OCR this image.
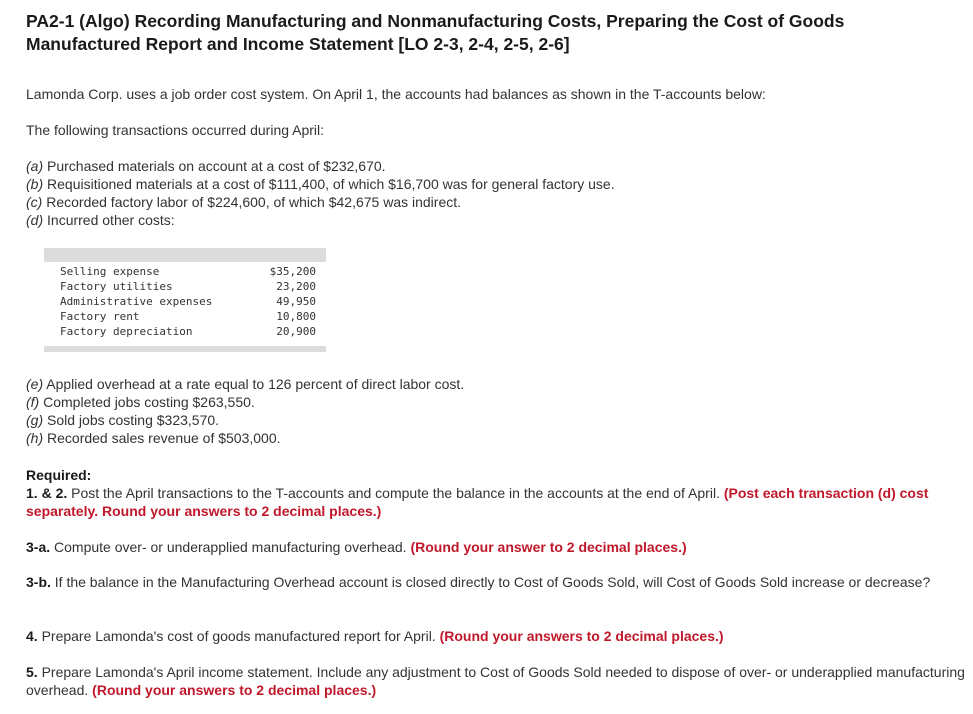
PA2-1 (Algo) Recording Manufacturing and Nonmanufacturing Costs, Preparing the Cost of Goods Manufactured Report and Income Statement [LO 2-3, 2-4, 2-5, 2-6]
Lamonda Corp. uses a job order cost system. On April 1, the accounts had balances as shown in the T-accounts below:
The following transactions occurred during April:
(a) Purchased materials on account at a cost of $232,670.
(b) Requisitioned materials at a cost of $111,400, of which $16,700 was for general factory use.
(c) Recorded factory labor of $224,600, of which $42,675 was indirect.
(d) Incurred other costs:
Selling expense	$35,200
Factory utilities	23,200
Administrative expenses	49,950
Factory rent	10,800
Factory depreciation	20,900
(e) Applied overhead at a rate equal to 126 percent of direct labor cost.
(f) Completed jobs costing $263,550.
(g) Sold jobs costing $323,570.
(h) Recorded sales revenue of $503,000.
Required:
1. & 2. Post the April transactions to the T-accounts and compute the balance in the accounts at the end of April. (Post each transaction (d) cost separately. Round your answers to 2 decimal places.)
3-a. Compute over- or underapplied manufacturing overhead. (Round your answer to 2 decimal places.)
3-b. If the balance in the Manufacturing Overhead account is closed directly to Cost of Goods Sold, will Cost of Goods Sold increase or decrease?
4. Prepare Lamonda's cost of goods manufactured report for April. (Round your answers to 2 decimal places.)
5. Prepare Lamonda's April income statement. Include any adjustment to Cost of Goods Sold needed to dispose of over- or underapplied manufacturing overhead. (Round your answers to 2 decimal places.)
